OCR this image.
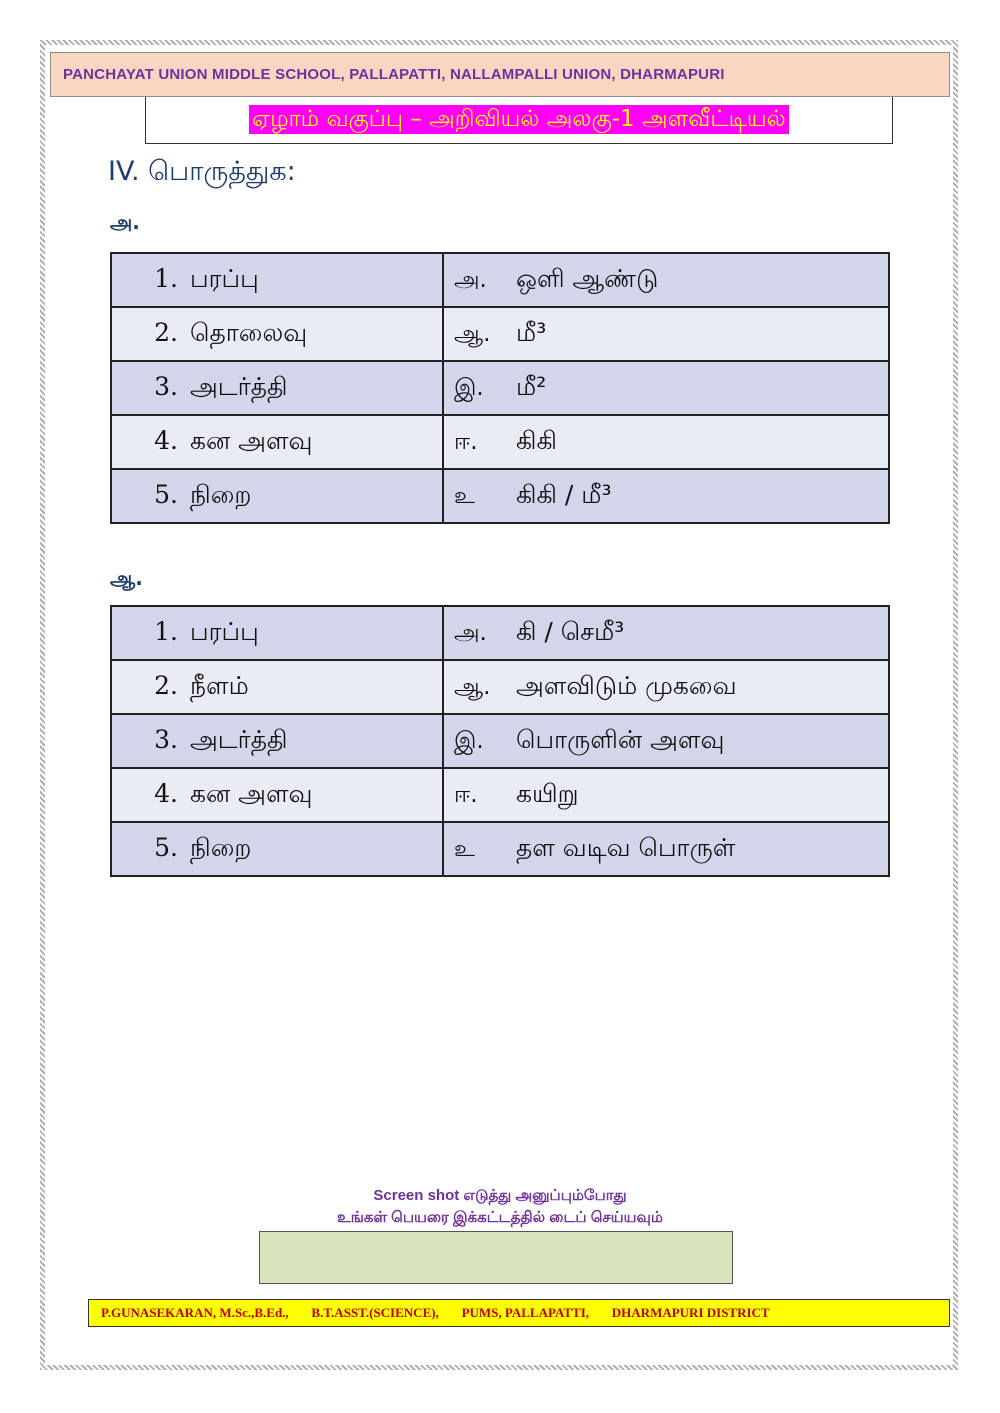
PANCHAYAT UNION MIDDLE SCHOOL, PALLAPATTI, NALLAMPALLI UNION, DHARMAPURI
ஏழாம் வகுப்பு – அறிவியல் அலகு-1 அளவீட்டியல்
IV. பொருத்துக:
அ.
1. பரப்பு	அ. ஒளி ஆண்டு
2. தொலைவு	ஆ. மீ³
3. அடர்த்தி	இ. மீ²
4. கன அளவு	ஈ. கிகி
5. நிறை	உ கிகி / மீ³
ஆ.
1. பரப்பு	அ. கி / செமீ³
2. நீளம்	ஆ. அளவிடும் முகவை
3. அடர்த்தி	இ. பொருளின் அளவு
4. கன அளவு	ஈ. கயிறு
5. நிறை	உ தள வடிவ பொருள்
Screen shot எடுத்து அனுப்பும்போது
உங்கள் பெயரை இக்கட்டத்தில் டைப் செய்யவும்
P.GUNASEKARAN, M.Sc.,B.Ed.,       B.T.ASST.(SCIENCE),       PUMS, PALLAPATTI,       DHARMAPURI DISTRICT
